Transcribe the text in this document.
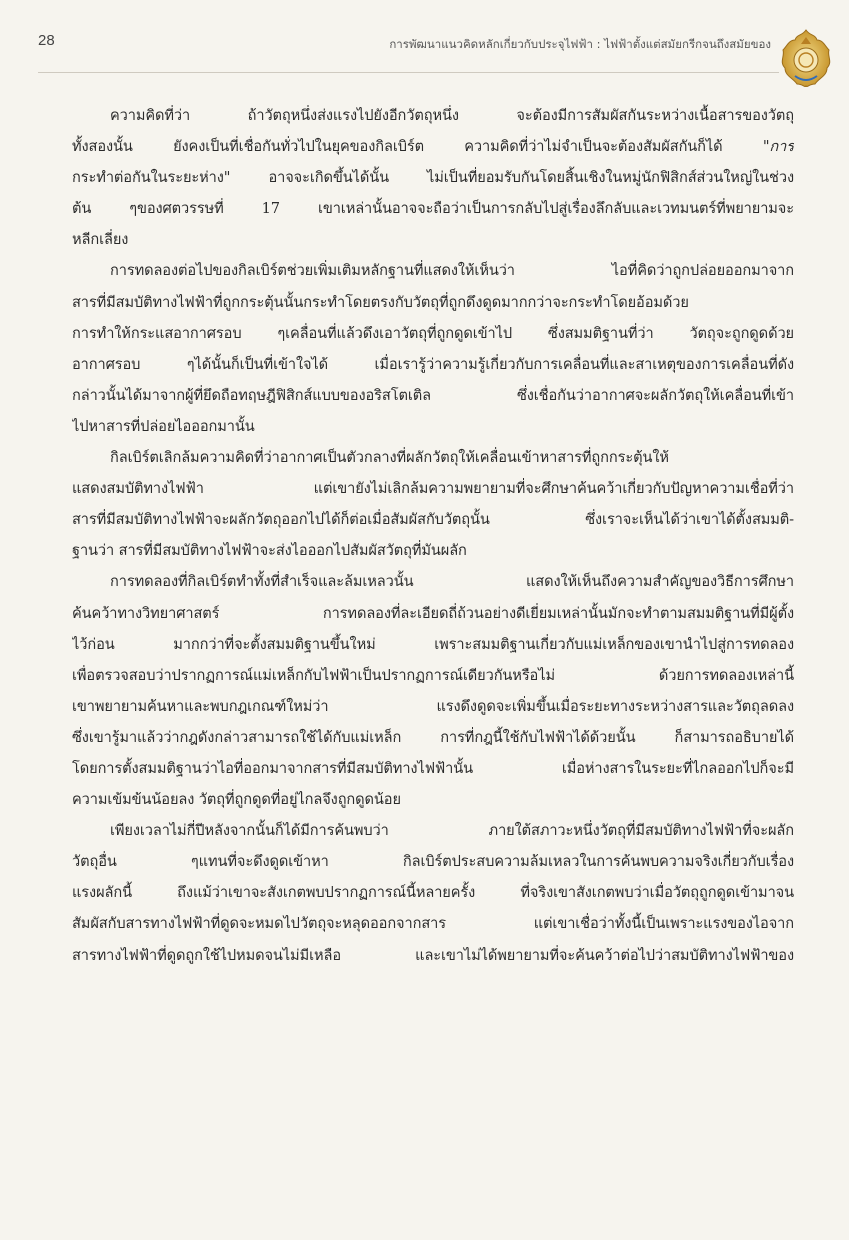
28	การพัฒนาแนวคิดหลักเกี่ยวกับประจุไฟฟ้า : ไฟฟ้าตั้งแต่สมัยกรีกจนถึงสมัยของ

ความคิดที่ว่า ถ้าวัตถุหนึ่งส่งแรงไปยังอีกวัตถุหนึ่ง จะต้องมีการสัมผัสกันระหว่างเนื้อสารของวัตถุ
ทั้งสองนั้น ยังคงเป็นที่เชื่อกันทั่วไปในยุคของกิลเบิร์ต ความคิดที่ว่าไม่จำเป็นจะต้องสัมผัสกันก็ได้ "การ
กระทำต่อกันในระยะห่าง" อาจจะเกิดขึ้นได้นั้น ไม่เป็นที่ยอมรับกันโดยสิ้นเชิงในหมู่นักฟิสิกส์ส่วนใหญ่ในช่วง
ต้น ๆของศตวรรษที่ 17 เขาเหล่านั้นอาจจะถือว่าเป็นการกลับไปสู่เรื่องลึกลับและเวทมนตร์ที่พยายามจะ
หลีกเลี่ยง

การทดลองต่อไปของกิลเบิร์ตช่วยเพิ่มเติมหลักฐานที่แสดงให้เห็นว่า ไอที่คิดว่าถูกปล่อยออกมาจาก
สารที่มีสมบัติทางไฟฟ้าที่ถูกกระตุ้นนั้นกระทำโดยตรงกับวัตถุที่ถูกดึงดูดมากกว่าจะกระทำโดยอ้อมด้วย
การทำให้กระแสอากาศรอบ ๆเคลื่อนที่แล้วดึงเอาวัตถุที่ถูกดูดเข้าไป ซึ่งสมมติฐานที่ว่า วัตถุจะถูกดูดด้วย
อากาศรอบ ๆได้นั้นก็เป็นที่เข้าใจได้ เมื่อเรารู้ว่าความรู้เกี่ยวกับการเคลื่อนที่และสาเหตุของการเคลื่อนที่ดัง
กล่าวนั้นได้มาจากผู้ที่ยึดถือทฤษฎีฟิสิกส์แบบของอริสโตเติล ซึ่งเชื่อกันว่าอากาศจะผลักวัตถุให้เคลื่อนที่เข้า
ไปหาสารที่ปล่อยไอออกมานั้น

กิลเบิร์ตเลิกล้มความคิดที่ว่าอากาศเป็นตัวกลางที่ผลักวัตถุให้เคลื่อนเข้าหาสารที่ถูกกระตุ้นให้
แสดงสมบัติทางไฟฟ้า แต่เขายังไม่เลิกล้มความพยายามที่จะศึกษาค้นคว้าเกี่ยวกับปัญหาความเชื่อที่ว่า
สารที่มีสมบัติทางไฟฟ้าจะผลักวัตถุออกไปได้ก็ต่อเมื่อสัมผัสกับวัตถุนั้น ซึ่งเราจะเห็นได้ว่าเขาได้ตั้งสมมติ-
ฐานว่า สารที่มีสมบัติทางไฟฟ้าจะส่งไอออกไปสัมผัสวัตถุที่มันผลัก

การทดลองที่กิลเบิร์ตทำทั้งที่สำเร็จและล้มเหลวนั้น แสดงให้เห็นถึงความสำคัญของวิธีการศึกษา
ค้นคว้าทางวิทยาศาสตร์ การทดลองที่ละเอียดถี่ถ้วนอย่างดีเยี่ยมเหล่านั้นมักจะทำตามสมมติฐานที่มีผู้ตั้ง
ไว้ก่อน มากกว่าที่จะตั้งสมมติฐานขึ้นใหม่ เพราะสมมติฐานเกี่ยวกับแม่เหล็กของเขานำไปสู่การทดลอง
เพื่อตรวจสอบว่าปรากฏการณ์แม่เหล็กกับไฟฟ้าเป็นปรากฏการณ์เดียวกันหรือไม่ ด้วยการทดลองเหล่านี้
เขาพยายามค้นหาและพบกฎเกณฑ์ใหม่ว่า แรงดึงดูดจะเพิ่มขึ้นเมื่อระยะทางระหว่างสารและวัตถุลดลง
ซึ่งเขารู้มาแล้วว่ากฎดังกล่าวสามารถใช้ได้กับแม่เหล็ก การที่กฎนี้ใช้กับไฟฟ้าได้ด้วยนั้น ก็สามารถอธิบายได้
โดยการตั้งสมมติฐานว่าไอที่ออกมาจากสารที่มีสมบัติทางไฟฟ้านั้น เมื่อห่างสารในระยะที่ไกลออกไปก็จะมี
ความเข้มข้นน้อยลง วัตถุที่ถูกดูดที่อยู่ไกลจึงถูกดูดน้อย

เพียงเวลาไม่กี่ปีหลังจากนั้นก็ได้มีการค้นพบว่า ภายใต้สภาวะหนึ่งวัตถุที่มีสมบัติทางไฟฟ้าที่จะผลัก
วัตถุอื่น ๆแทนที่จะดึงดูดเข้าหา กิลเบิร์ตประสบความล้มเหลวในการค้นพบความจริงเกี่ยวกับเรื่อง
แรงผลักนี้ ถึงแม้ว่าเขาจะสังเกตพบปรากฏการณ์นี้หลายครั้ง ที่จริงเขาสังเกตพบว่าเมื่อวัตถุถูกดูดเข้ามาจน
สัมผัสกับสารทางไฟฟ้าที่ดูดจะหมดไปวัตถุจะหลุดออกจากสาร แต่เขาเชื่อว่าทั้งนี้เป็นเพราะแรงของไอจาก
สารทางไฟฟ้าที่ดูดถูกใช้ไปหมดจนไม่มีเหลือ และเขาไม่ได้พยายามที่จะค้นคว้าต่อไปว่าสมบัติทางไฟฟ้าของ
